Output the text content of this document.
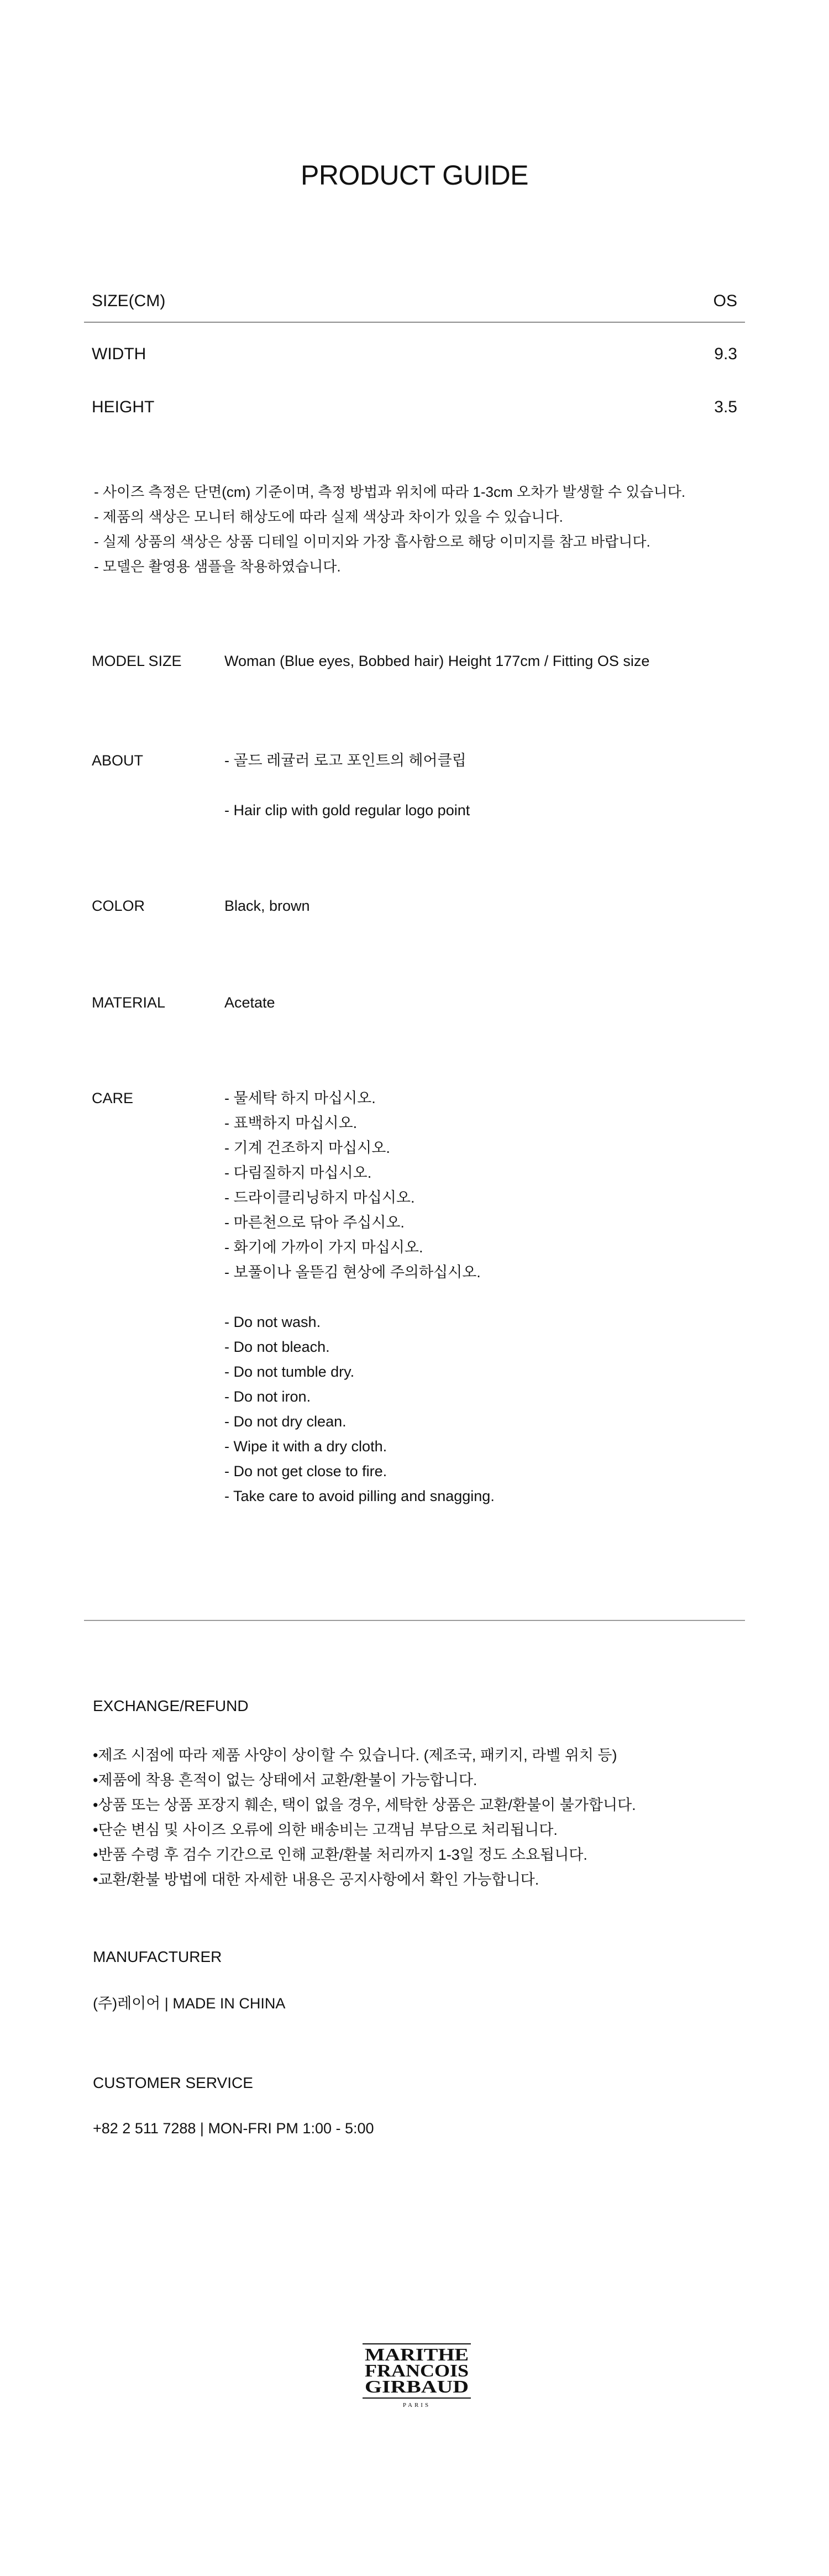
PRODUCT GUIDE
SIZE(CM)	OS
WIDTH	9.3
HEIGHT	3.5
- 사이즈 측정은 단면(cm) 기준이며, 측정 방법과 위치에 따라 1-3cm 오차가 발생할 수 있습니다.
- 제품의 색상은 모니터 해상도에 따라 실제 색상과 차이가 있을 수 있습니다.
- 실제 상품의 색상은 상품 디테일 이미지와 가장 흡사함으로 해당 이미지를 참고 바랍니다.
- 모델은 촬영용 샘플을 착용하였습니다.
MODEL SIZE	Woman (Blue eyes, Bobbed hair) Height 177cm / Fitting OS size
ABOUT	- 골드 레귤러 로고 포인트의 헤어클립
- Hair clip with gold regular logo point
COLOR	Black, brown
MATERIAL	Acetate
CARE	- 물세탁 하지 마십시오.
- 표백하지 마십시오.
- 기계 건조하지 마십시오.
- 다림질하지 마십시오.
- 드라이클리닝하지 마십시오.
- 마른천으로 닦아 주십시오.
- 화기에 가까이 가지 마십시오.
- 보풀이나 올뜯김 현상에 주의하십시오.
- Do not wash.
- Do not bleach.
- Do not tumble dry.
- Do not iron.
- Do not dry clean.
- Wipe it with a dry cloth.
- Do not get close to fire.
- Take care to avoid pilling and snagging.
EXCHANGE/REFUND
•제조 시점에 따라 제품 사양이 상이할 수 있습니다. (제조국, 패키지, 라벨 위치 등)
•제품에 착용 흔적이 없는 상태에서 교환/환불이 가능합니다.
•상품 또는 상품 포장지 훼손, 택이 없을 경우, 세탁한 상품은 교환/환불이 불가합니다.
•단순 변심 및 사이즈 오류에 의한 배송비는 고객님 부담으로 처리됩니다.
•반품 수령 후 검수 기간으로 인해 교환/환불 처리까지 1-3일 정도 소요됩니다.
•교환/환불 방법에 대한 자세한 내용은 공지사항에서 확인 가능합니다.
MANUFACTURER
(주)레이어 | MADE IN CHINA
CUSTOMER SERVICE
+82 2 511 7288 | MON-FRI PM 1:00 - 5:00
MARITHE
FRANCOIS
GIRBAUD
PARIS
